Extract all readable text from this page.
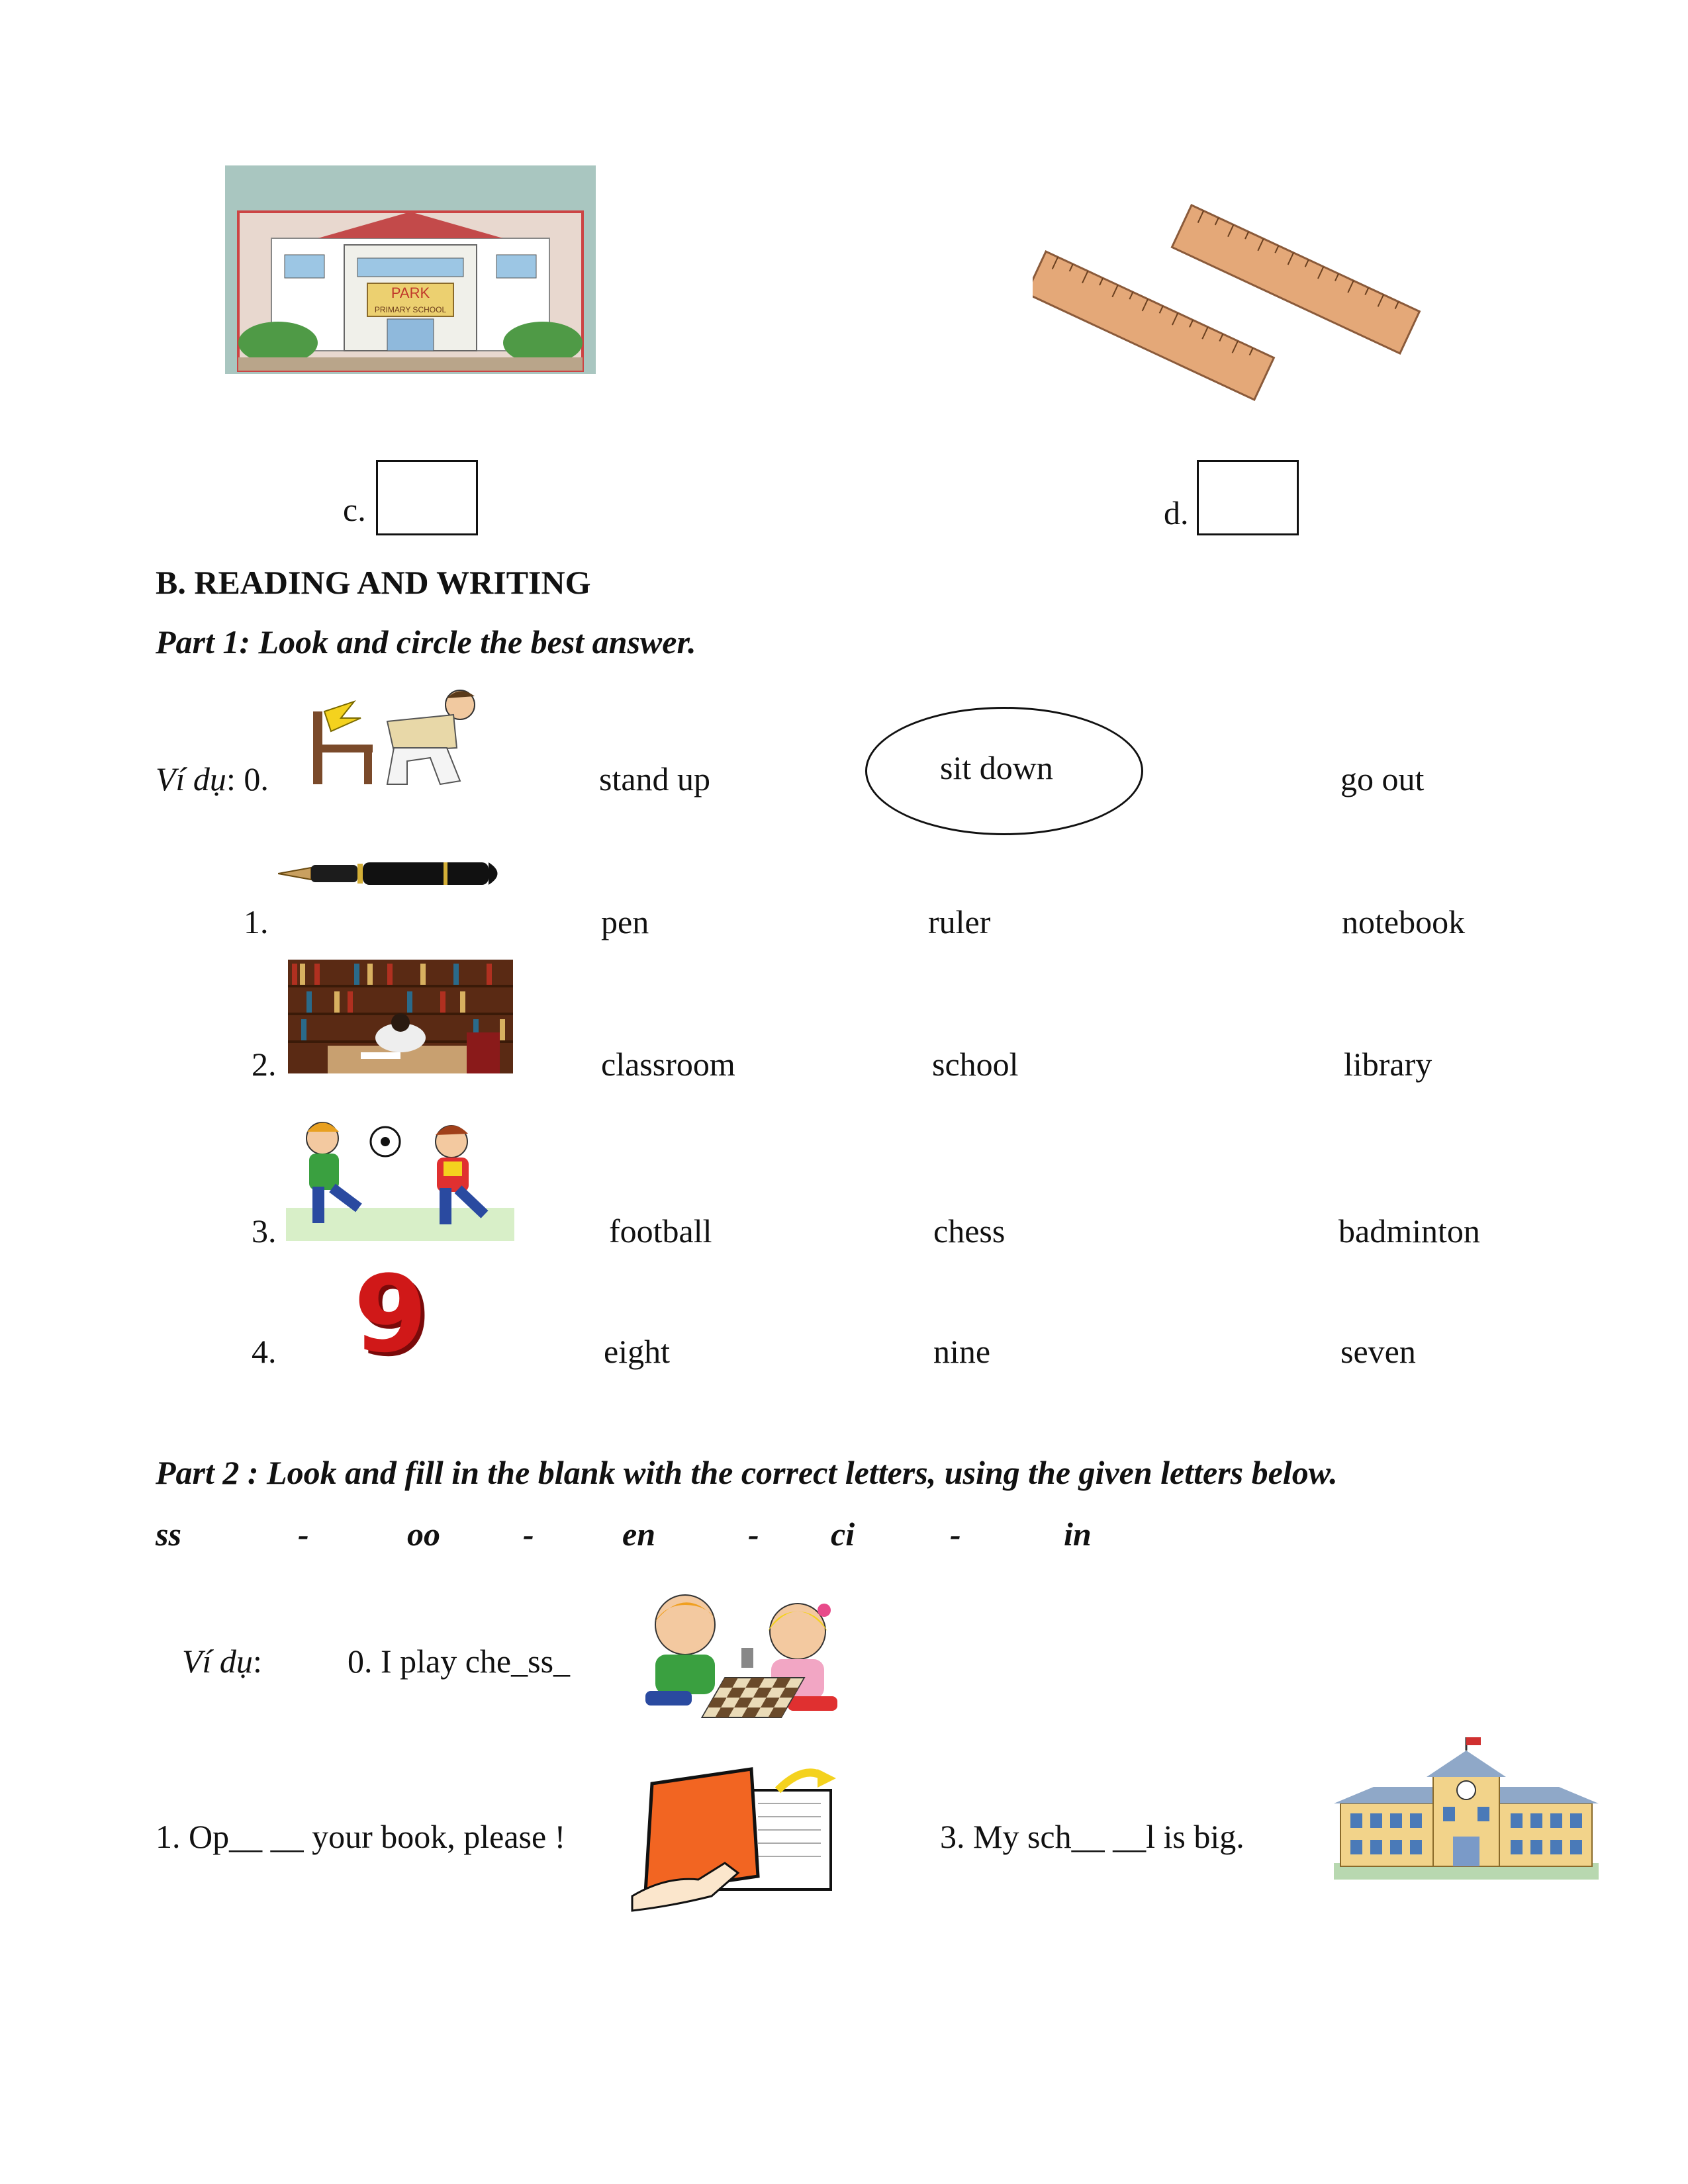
PARK
PRIMARY SCHOOL
c.	d.
B. READING AND WRITING
Part 1: Look and circle the best answer.
Ví dụ: 0.	stand up	sit down	go out
1.	pen	ruler	notebook
2.	classroom	school	library
3.	football	chess	badminton
4. 9	eight	nine	seven
Part 2 : Look and fill in the blank with the correct letters, using the given letters below.
ss	-	oo	-	en	- ci	-	in
Ví dụ:	0. I play che_ss_
1. Op__ __ your book, please !	3. My sch__ __l is big.
